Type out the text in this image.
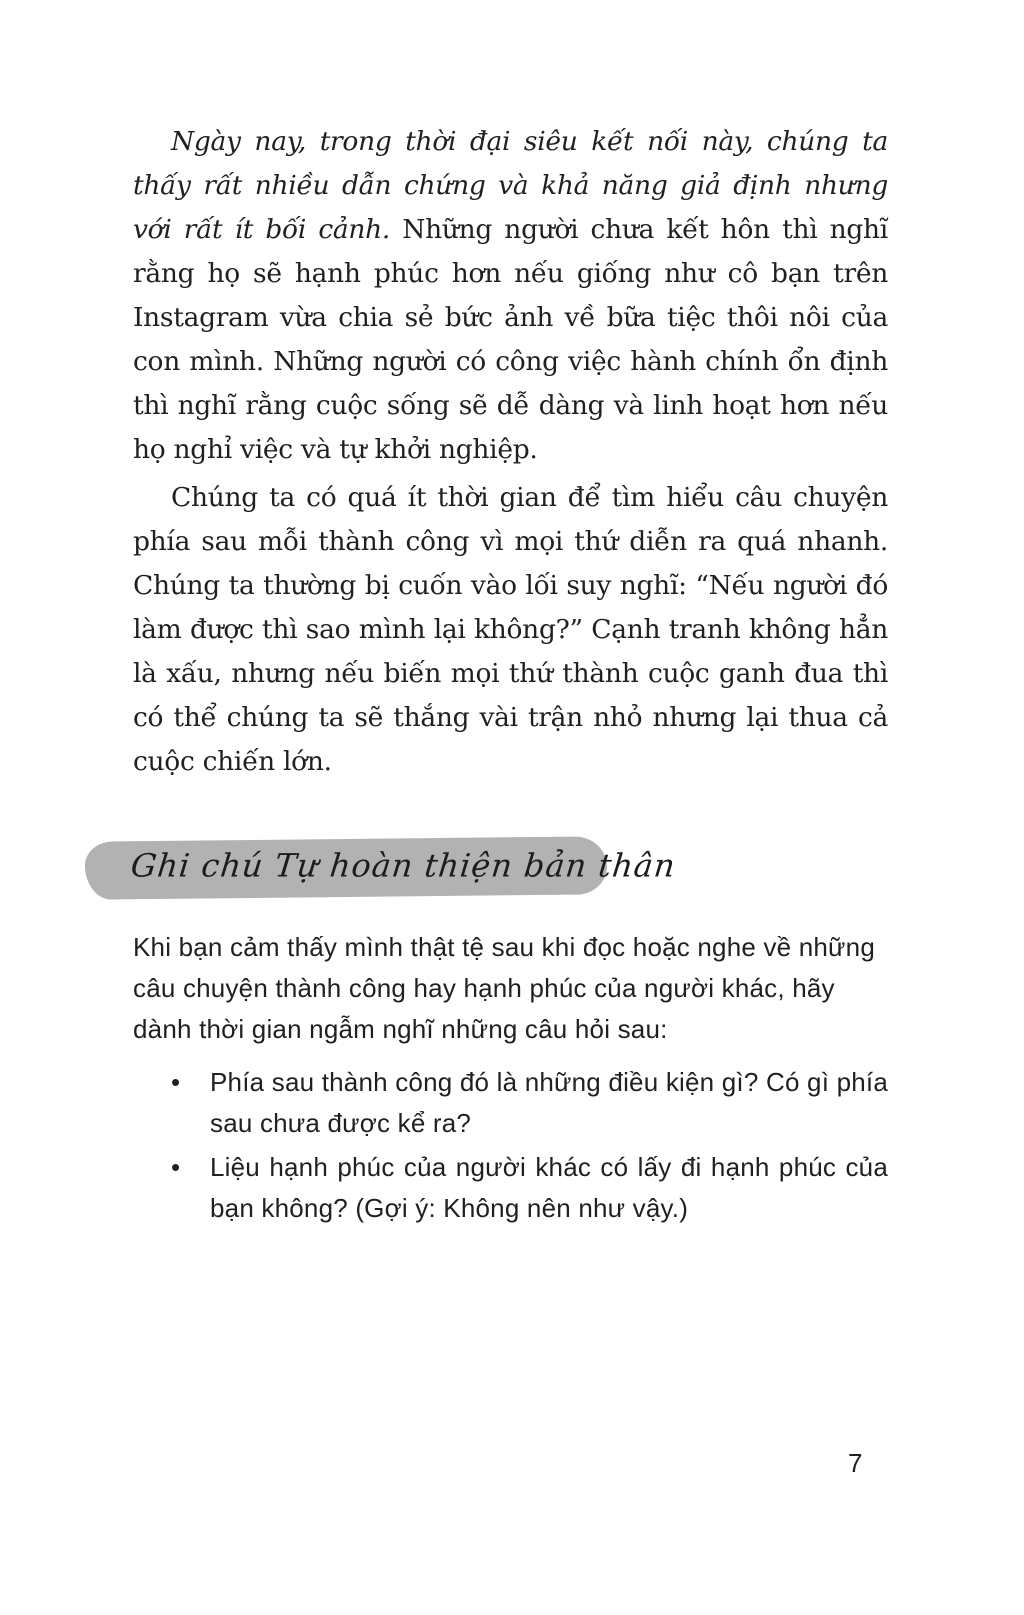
Ngày nay, trong thời đại siêu kết nối này, chúng ta thấy rất nhiều dẫn chứng và khả năng giả định nhưng với rất ít bối cảnh. Những người chưa kết hôn thì nghĩ rằng họ sẽ hạnh phúc hơn nếu giống như cô bạn trên Instagram vừa chia sẻ bức ảnh về bữa tiệc thôi nôi của con mình. Những người có công việc hành chính ổn định thì nghĩ rằng cuộc sống sẽ dễ dàng và linh hoạt hơn nếu họ nghỉ việc và tự khởi nghiệp.

Chúng ta có quá ít thời gian để tìm hiểu câu chuyện phía sau mỗi thành công vì mọi thứ diễn ra quá nhanh. Chúng ta thường bị cuốn vào lối suy nghĩ: “Nếu người đó làm được thì sao mình lại không?” Cạnh tranh không hẳn là xấu, nhưng nếu biến mọi thứ thành cuộc ganh đua thì có thể chúng ta sẽ thắng vài trận nhỏ nhưng lại thua cả cuộc chiến lớn.

Ghi chú Tự hoàn thiện bản thân

Khi bạn cảm thấy mình thật tệ sau khi đọc hoặc nghe về những câu chuyện thành công hay hạnh phúc của người khác, hãy dành thời gian ngẫm nghĩ những câu hỏi sau:

• Phía sau thành công đó là những điều kiện gì? Có gì phía sau chưa được kể ra?
• Liệu hạnh phúc của người khác có lấy đi hạnh phúc của bạn không? (Gợi ý: Không nên như vậy.)
7
